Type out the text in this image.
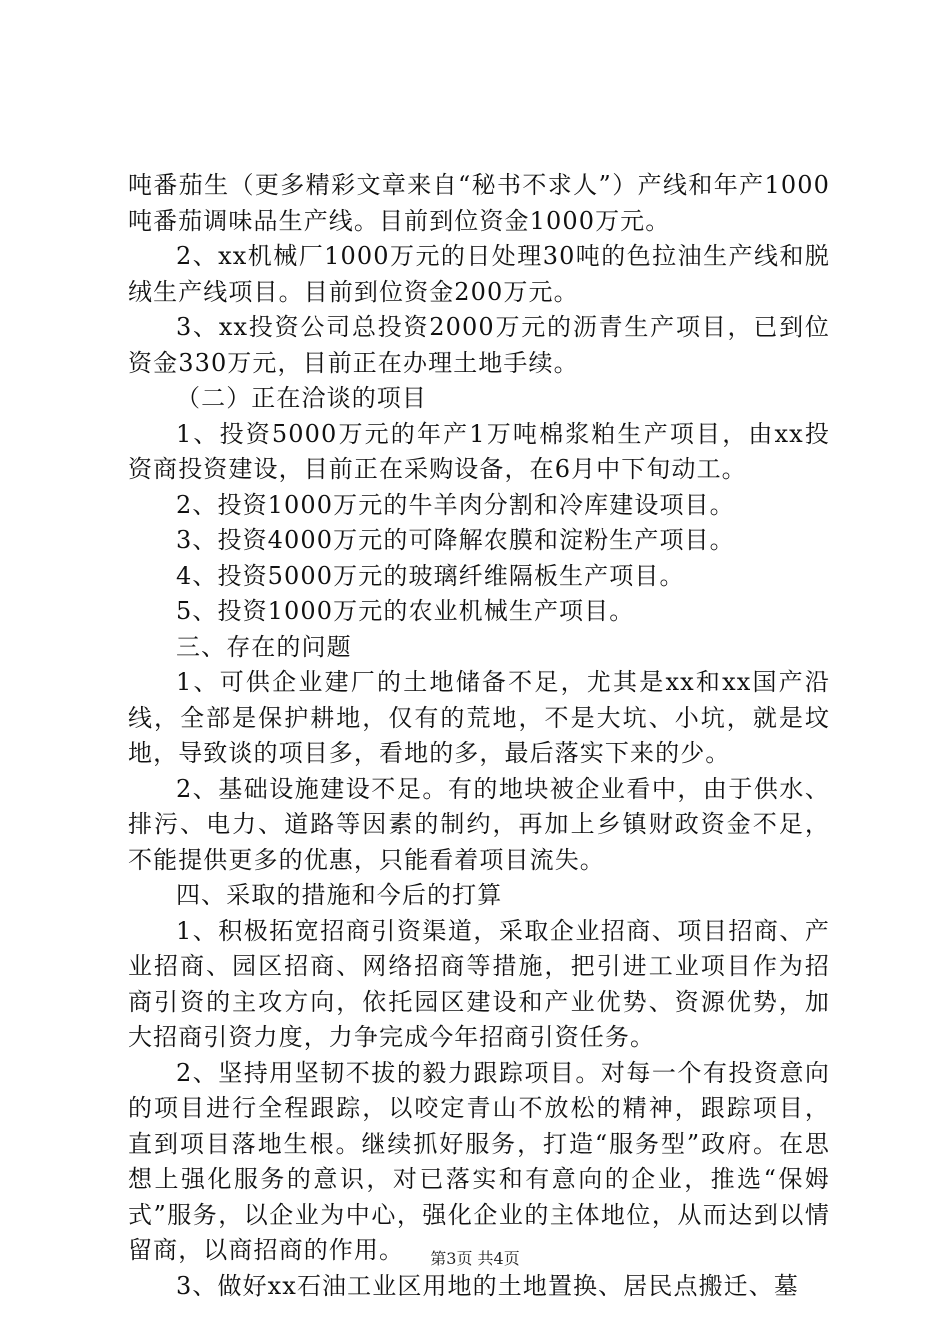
吨番茄生（更多精彩文章来自“秘书不求人”）产线和年产1000吨番茄调味品生产线。目前到位资金1000万元。

2、xx机械厂1000万元的日处理30吨的色拉油生产线和脱绒生产线项目。目前到位资金200万元。

3、xx投资公司总投资2000万元的沥青生产项目，已到位资金330万元，目前正在办理土地手续。

（二）正在洽谈的项目

1、投资5000万元的年产1万吨棉浆粕生产项目，由xx投资商投资建设，目前正在采购设备，在6月中下旬动工。

2、投资1000万元的牛羊肉分割和冷库建设项目。

3、投资4000万元的可降解农膜和淀粉生产项目。

4、投资5000万元的玻璃纤维隔板生产项目。

5、投资1000万元的农业机械生产项目。

三、存在的问题

1、可供企业建厂的土地储备不足，尤其是xx和xx国产沿线，全部是保护耕地，仅有的荒地，不是大坑、小坑，就是坟地，导致谈的项目多，看地的多，最后落实下来的少。

2、基础设施建设不足。有的地块被企业看中，由于供水、排污、电力、道路等因素的制约，再加上乡镇财政资金不足，不能提供更多的优惠，只能看着项目流失。

四、采取的措施和今后的打算

1、积极拓宽招商引资渠道，采取企业招商、项目招商、产业招商、园区招商、网络招商等措施，把引进工业项目作为招商引资的主攻方向，依托园区建设和产业优势、资源优势，加大招商引资力度，力争完成今年招商引资任务。

2、坚持用坚韧不拔的毅力跟踪项目。对每一个有投资意向的项目进行全程跟踪，以咬定青山不放松的精神，跟踪项目，直到项目落地生根。继续抓好服务，打造“服务型”政府。在思想上强化服务的意识，对已落实和有意向的企业，推选“保姆式”服务，以企业为中心，强化企业的主体地位，从而达到以情留商，以商招商的作用。

3、做好xx石油工业区用地的土地置换、居民点搬迁、墓

第3页 共4页
